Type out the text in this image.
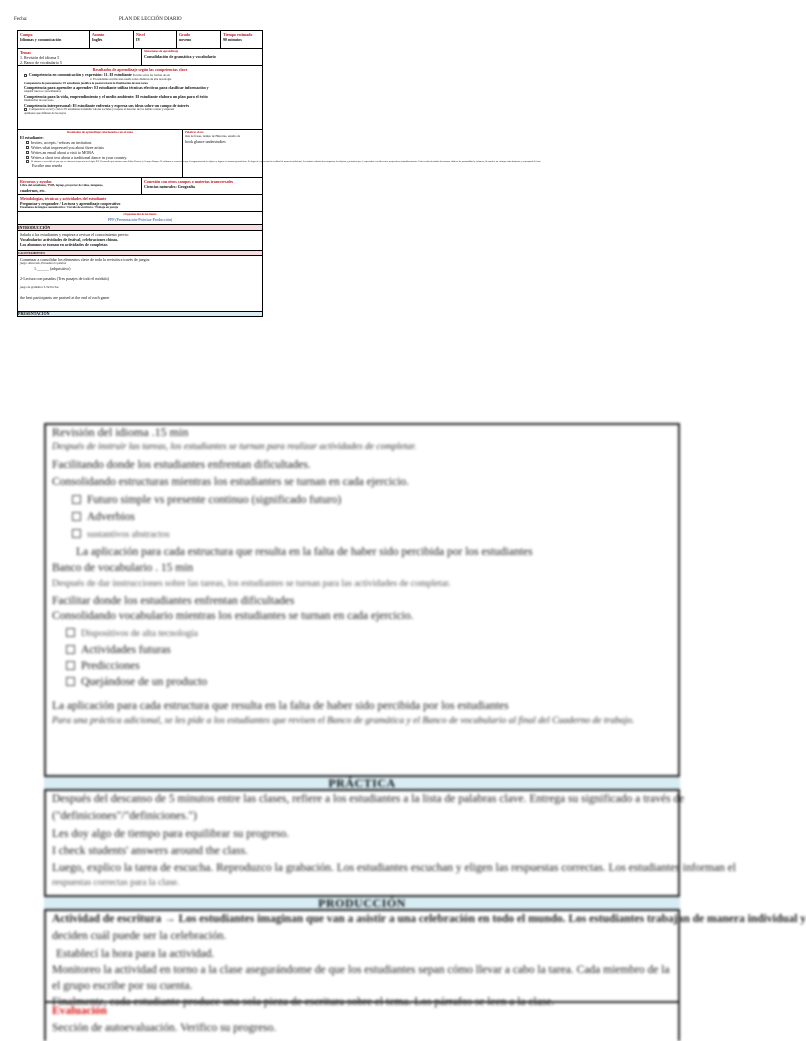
Fecha:	PLAN DE LECCIÓN DIARIO
Campo
Idiomas y comunicación
Asunto
Inglés
Nivel
IV
Grado
noveno
Tiempo estimado
90 minutos
Temas
1. Revisión del idioma 5
2. Banco de vocabulario 5
Situaciones de aprendizaje
Consolidación de gramática y vocabulario
Resultados de aprendizaje según las competencias clave
Competencia en comunicación y expresión: 11. El estudiante Escribe sobre las formas de ser
2. El estudiante escribe una reseña sobre distintos de alta tecnología
Competencia de pensamiento: El estudiante justifica la postura hacia la finalización de una tarea
Competencia para aprender a aprender: El estudiante utiliza técnicas efectivas para clasificar información y
adquirir nuevos conocimientos
Competencia para la vida, emprendimiento y el medio ambiente: El estudiante elabora un plan para el éxito
finalización de una tarea
Competencia interpersonal: El estudiante enfrenta y expresa sus ideas sobre un campo de interés
Competencia social y cívica: El estudiante transmite valores sociales y respeta el derecho de los demás a tener y expresar
opiniones que difieren de las suyas
Resultados de aprendizaje relacionados con el tema
El estudiante:
Invites, accepts / refuses an invitation.
Writes what impressed you about three artists
Writes an email about a visit to MOBA
Writes a short text about a traditional dance in your country.
El alumno es accesible de por que se educaron la presencia el siglo XX. Desarrollo por artistas como Pablo Picasso y Georges Braque. El cubismo se caracteriza por la fragmentación de objetos y figuras en formas geométricas. Es lugar de representar la realidad de manera tradicional, los artistas cubistas descomponen los objetos y permiten que el espectador vea diferentes perspectivas simultáneamente. Esto resulta desafiaba las normas clásicas de profundidad y volumen, llevando a un enfoque más abstracto y conceptual del arte.
Escribe una reseña
Palabras clave
lista de frases, tiempo de Historias, estudio de
book glance understudies
Recursos y ayudas
Libro del estudiante, TWB, laptop, proyector de video, imágenes,
cuadernos, etc.
Conexión con otros campos o materias transversales
Ciencias naturales: Geografía
Metodologías, técnicas y actividades del estudiante
Preguntar y responder / Lectura y aprendizaje cooperativo
Enseñanza de lengua comunicativa / Círculo de escritura / Trabajo en pareja
Organización de lecciones
PPP (Presentación-Práctica-Producción)
INTRODUCCIÓN
Saluda a los estudiantes y empieza a revisar el conocimiento previo:
Vocabulario: actividades de festival, celebraciones chinas.
Los alumnos se turnan en actividades de completar.
CALENTAMIENTO
Comenzar a consolidar los elementos clave de toda la revisión a través de juegos:
juego: Ahorcado, Encuentra la palabra
1.______ (adquisitivo)
2-Lectura con pasadas (Tres pasajes de todo el módulo)
juego de gramática 3-TicTacToe
the best participants are praised at the end of each game
PRESENTACIÓN
Revisión del idioma .15 min
Después de instruir las tareas, los estudiantes se turnan para realizar actividades de completar.
Facilitando donde los estudiantes enfrentan dificultades.
Consolidando estructuras mientras los estudiantes se turnan en cada ejercicio.
Futuro simple vs presente continuo (significado futuro)
Adverbios
sustantivos abstractos
La aplicación para cada estructura que resulta en la falta de haber sido percibida por los estudiantes
Banco de vocabulario . 15 min
Después de dar instrucciones sobre las tareas, los estudiantes se turnan para las actividades de completar.
Facilitar donde los estudiantes enfrentan dificultades
Consolidando vocabulario mientras los estudiantes se turnan en cada ejercicio.
Dispositivos de alta tecnología
Actividades futuras
Predicciones
Quejándose de un producto
La aplicación para cada estructura que resulta en la falta de haber sido percibida por los estudiantes
Para una práctica adicional, se les pide a los estudiantes que revisen el Banco de gramática y el Banco de vocabulario al final del Cuaderno de trabajo.
PRÁCTICA
Después del descanso de 5 minutos entre las clases, refiere a los estudiantes a la lista de palabras clave. Entrega su significado a través de
("definiciones"/"definiciones.")
Les doy algo de tiempo para equilibrar su progreso.
I check students' answers around the class.
Luego, explico la tarea de escucha. Reproduzco la grabación. Los estudiantes escuchan y eligen las respuestas correctas. Los estudiantes informan el
respuestas correctas para la clase.
PRODUCCIÓN
Actividad de escritura → Los estudiantes imaginan que van a asistir a una celebración en todo el mundo. Los estudiantes trabajan de manera individual y
deciden cuál puede ser la celebración.
Establecí la hora para la actividad.
Monitoreo la actividad en torno a la clase asegurándome de que los estudiantes sepan cómo llevar a cabo la tarea. Cada miembro de la
el grupo escribe por su cuenta.
Finalmente, cada estudiante produce una sola pieza de escritura sobre el tema. Los párrafos se leen a la clase.
Evaluación
Sección de autoevaluación. Verifico su progreso.
